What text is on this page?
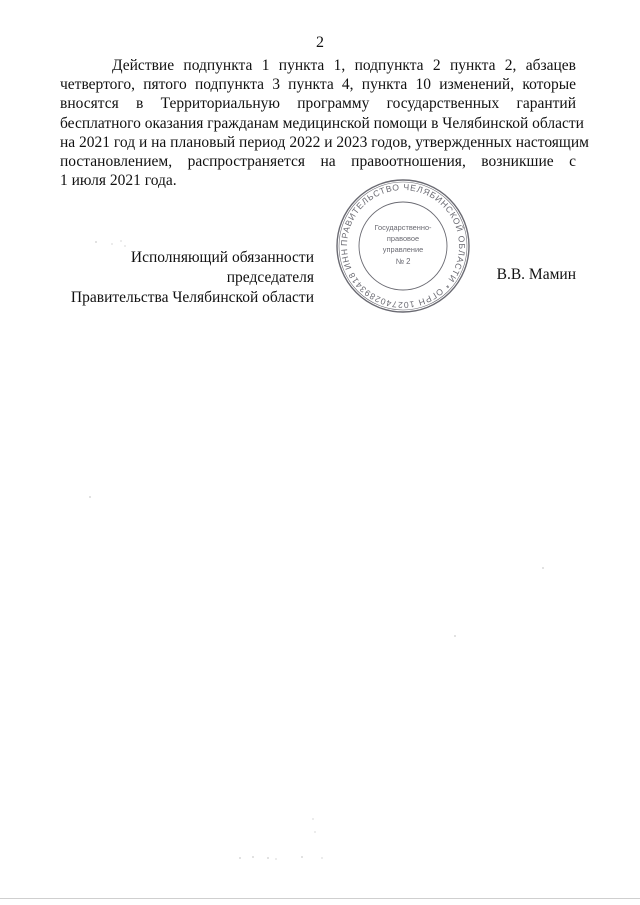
2
Действие подпункта 1 пункта 1, подпункта 2 пункта 2, абзацев
четвертого, пятого подпункта 3 пункта 4, пункта 10 изменений, которые
вносятся в Территориальную программу государственных гарантий
бесплатного оказания гражданам медицинской помощи в Челябинской области
на 2021 год и на плановый период 2022 и 2023 годов, утвержденных настоящим
постановлением, распространяется на правоотношения, возникшие с
1 июля 2021 года.
Исполняющий обязанности председателя
Правительства Челябинской области
ПРАВИТЕЛЬСТВО ЧЕЛЯБИНСКОЙ ОБЛАСТИ * ОГРН 1027402893418 ИНН
Государственно-
правовое
управление
№ 2
В.В. Мамин
